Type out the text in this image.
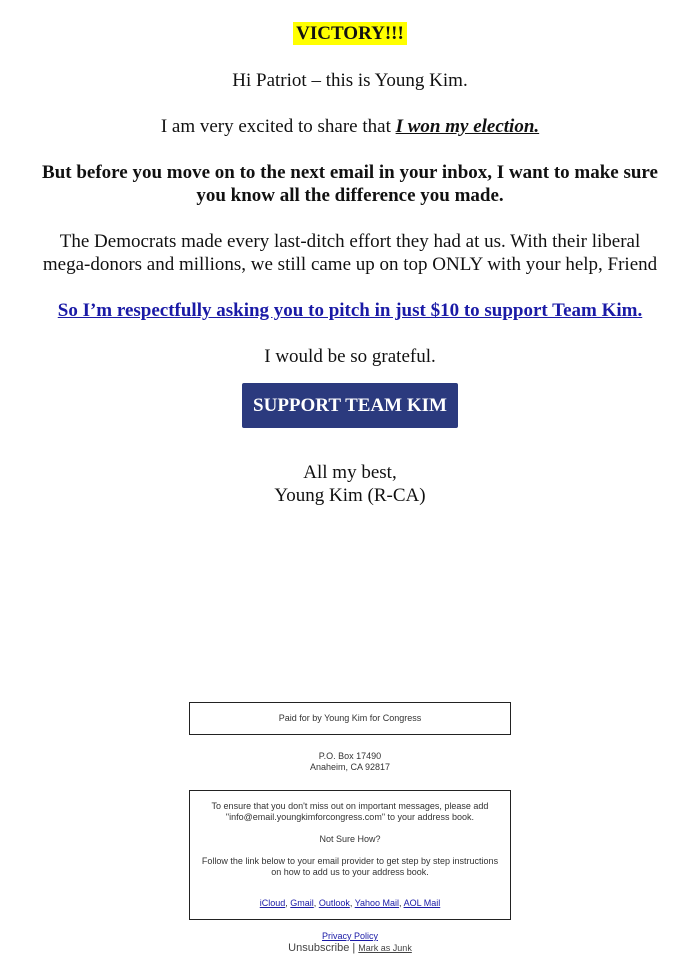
VICTORY!!!

Hi Patriot – this is Young Kim.

I am very excited to share that I won my election.

But before you move on to the next email in your inbox, I want to make sure you know all the difference you made.

The Democrats made every last-ditch effort they had at us. With their liberal mega-donors and millions, we still came up on top ONLY with your help, Friend

So I’m respectfully asking you to pitch in just $10 to support Team Kim.

I would be so grateful.

SUPPORT TEAM KIM
All my best,
Young Kim (R-CA)
Paid for by Young Kim for Congress
P.O. Box 17490
Anaheim, CA 92817

To ensure that you don't miss out on important messages, please add "info@email.youngkimforcongress.com" to your address book.

Not Sure How?

Follow the link below to your email provider to get step by step instructions on how to add us to your address book.

iCloud, Gmail, Outlook, Yahoo Mail, AOL Mail

Privacy Policy
Unsubscribe | Mark as Junk
